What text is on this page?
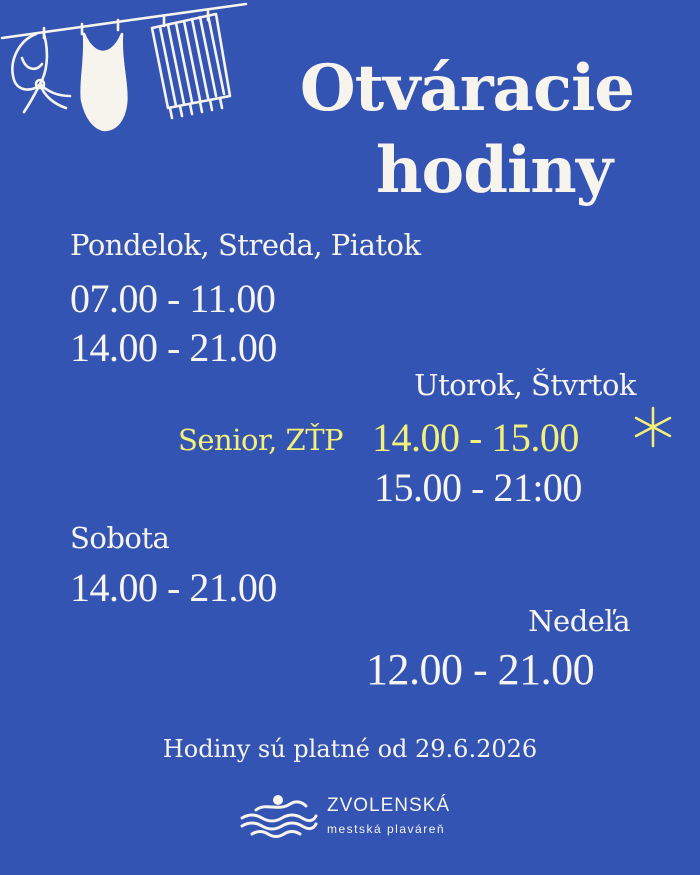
Otváracie
hodiny
Pondelok, Streda, Piatok
07.00 - 11.00
14.00 - 21.00
Utorok, Štvrtok
Senior, ZŤP 14.00 - 15.00
15.00 - 21:00
Sobota
14.00 - 21.00
Nedeľa
12.00 - 21.00
Hodiny sú platné od 29.6.2026
ZVOLENSKÁ
mestská plaváreň
